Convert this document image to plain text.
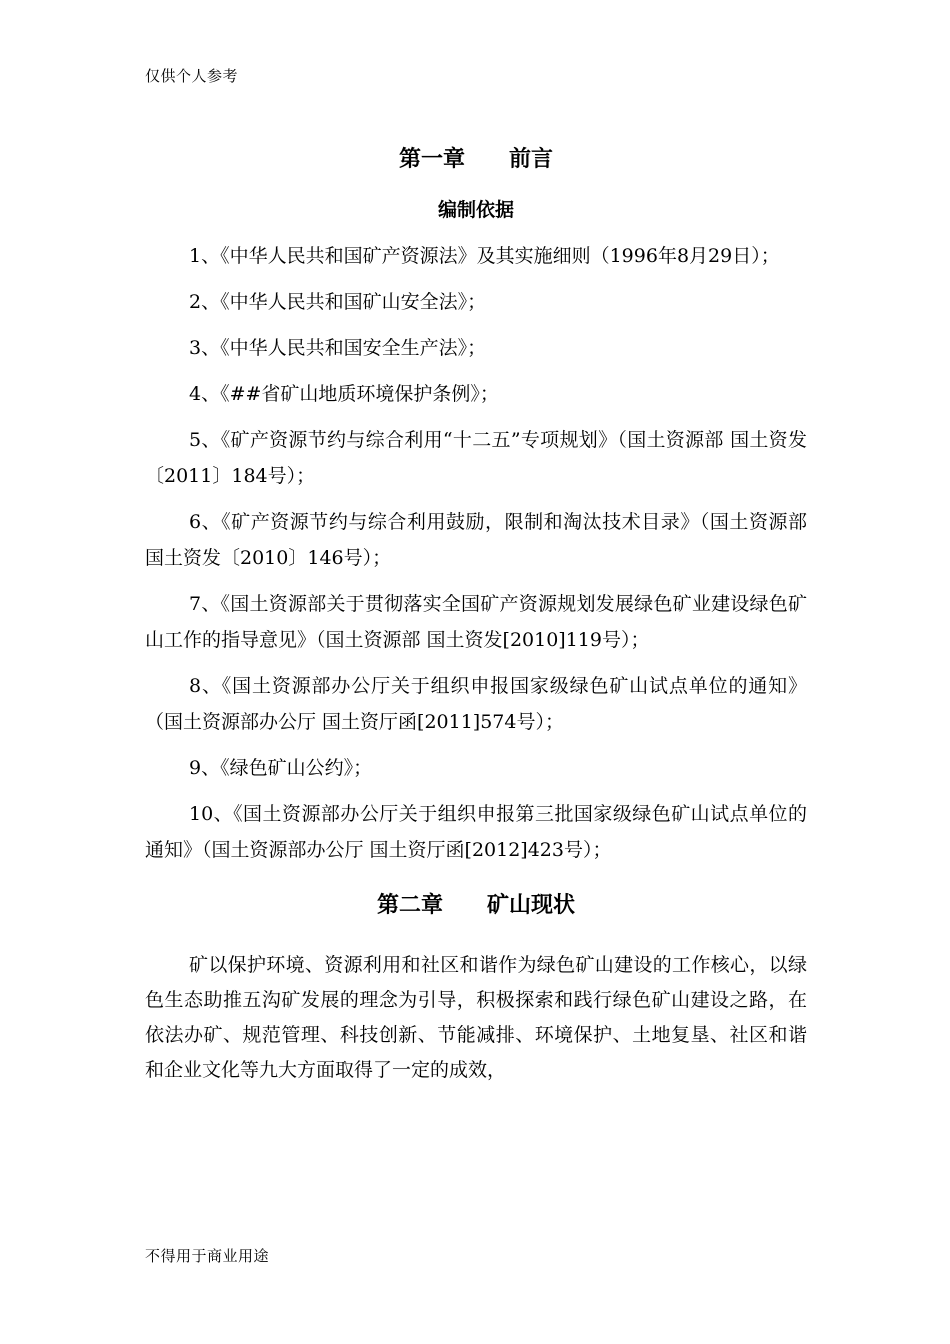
仅供个人参考
第一章　　前言
编制依据

1、《中华人民共和国矿产资源法》及其实施细则（1996年8月29日）；

2、《中华人民共和国矿山安全法》；

3、《中华人民共和国安全生产法》；

4、《##省矿山地质环境保护条例》；

5、《矿产资源节约与综合利用“十二五”专项规划》（国土资源部 国土资发〔2011〕184号）；

6、《矿产资源节约与综合利用鼓励，限制和淘汰技术目录》（国土资源部 国土资发〔2010〕146号）；

7、《国土资源部关于贯彻落实全国矿产资源规划发展绿色矿业建设绿色矿山工作的指导意见》（国土资源部 国土资发[2010]119号）；

8、《国土资源部办公厅关于组织申报国家级绿色矿山试点单位的通知》（国土资源部办公厅 国土资厅函[2011]574号）；

9、《绿色矿山公约》；

10、《国土资源部办公厅关于组织申报第三批国家级绿色矿山试点单位的通知》（国土资源部办公厅 国土资厅函[2012]423号）；

第二章　　矿山现状

矿以保护环境、资源利用和社区和谐作为绿色矿山建设的工作核心，以绿色生态助推五沟矿发展的理念为引导，积极探索和践行绿色矿山建设之路，在依法办矿、规范管理、科技创新、节能减排、环境保护、土地复垦、社区和谐和企业文化等九大方面取得了一定的成效，

不得用于商业用途
